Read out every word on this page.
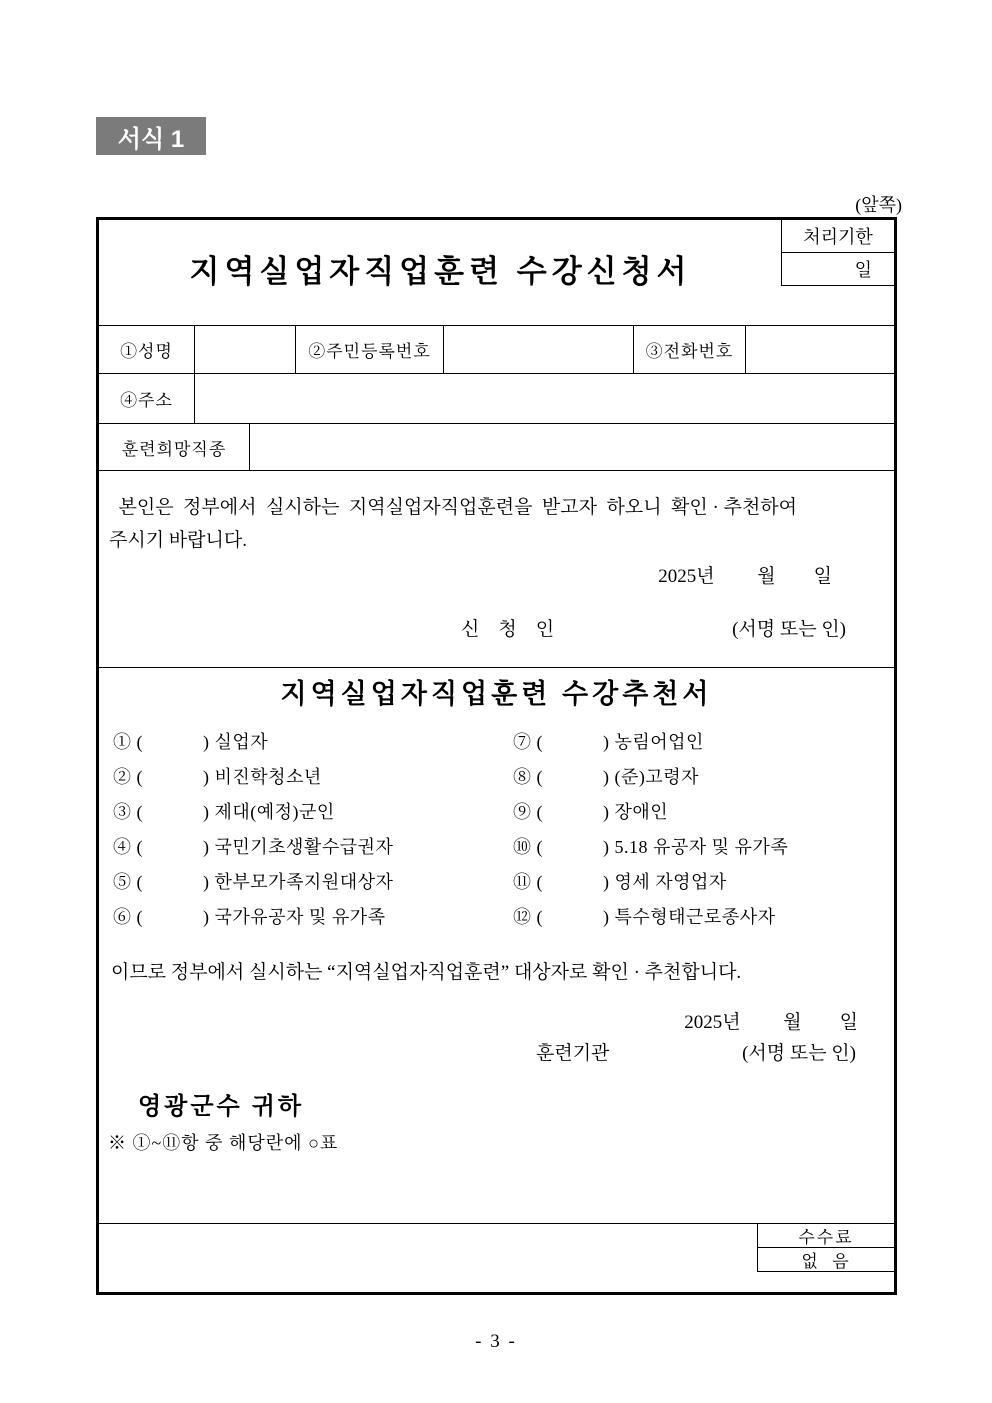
서식 1
(앞쪽)
처리기한
일
지역실업자직업훈련 수강신청서
①성명	②주민등록번호	③전화번호
④주소
훈련희망직종
본인은  정부에서  실시하는  지역실업자직업훈련을  받고자  하오니  확인 · 추천하여
주시기 바랍니다.
2025년         월        일
신    청    인	(서명 또는 인)
지역실업자직업훈련 수강추천서
① (            ) 실업자
② (            ) 비진학청소년
③ (            ) 제대(예정)군인
④ (            ) 국민기초생활수급권자
⑤ (            ) 한부모가족지원대상자
⑥ (            ) 국가유공자 및 유가족
⑦ (            ) 농림어업인
⑧ (            ) (준)고령자
⑨ (            ) 장애인
⑩ (            ) 5.18 유공자 및 유가족
⑪ (            ) 영세 자영업자
⑫ (            ) 특수형태근로종사자
이므로 정부에서 실시하는 “지역실업자직업훈련” 대상자로 확인 · 추천합니다.
2025년         월        일
훈련기관	(서명 또는 인)
영광군수 귀하
※ ①~⑪항 중 해당란에 ○표
수수료
없  음
- 3 -
